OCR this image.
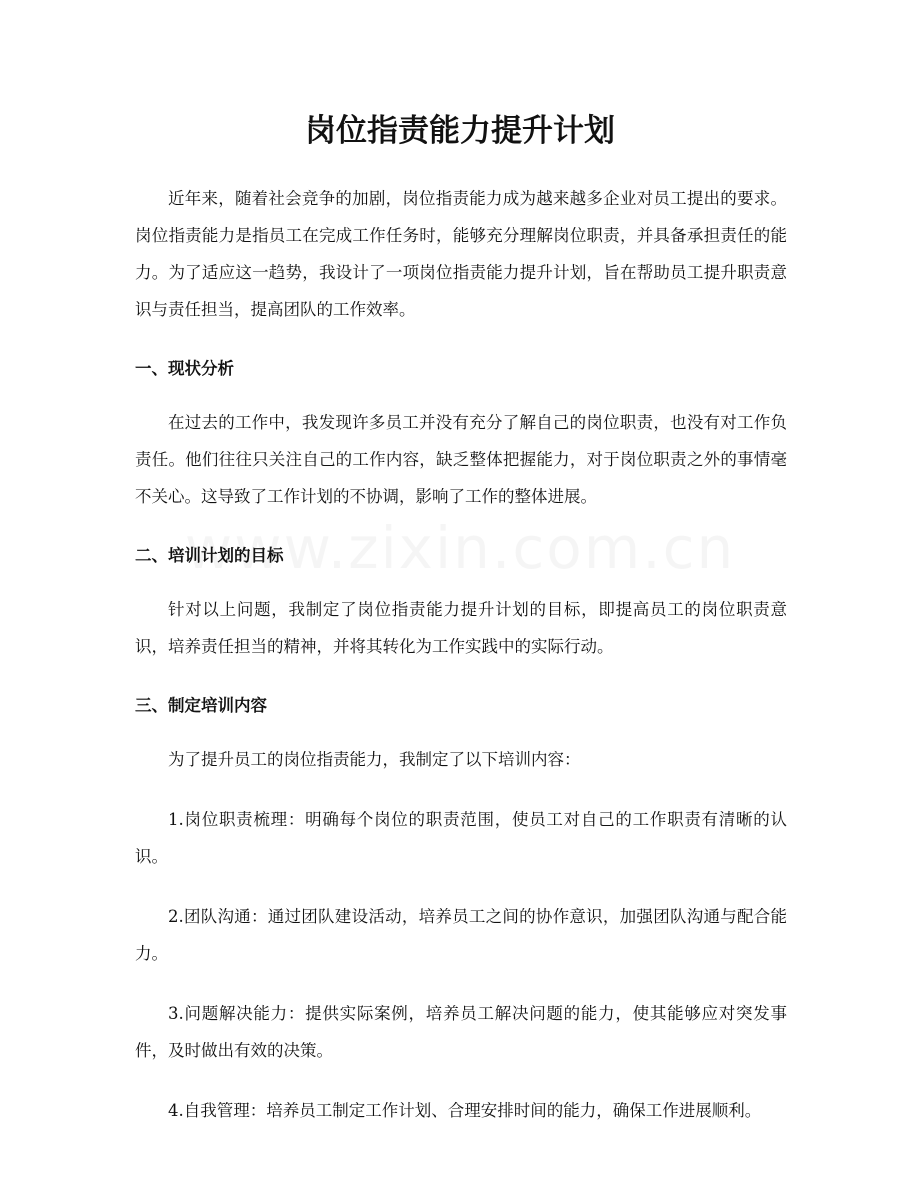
岗位指责能力提升计划

近年来，随着社会竞争的加剧，岗位指责能力成为越来越多企业对员工提出的要求。岗位指责能力是指员工在完成工作任务时，能够充分理解岗位职责，并具备承担责任的能力。为了适应这一趋势，我设计了一项岗位指责能力提升计划，旨在帮助员工提升职责意识与责任担当，提高团队的工作效率。

一、现状分析

在过去的工作中，我发现许多员工并没有充分了解自己的岗位职责，也没有对工作负责任。他们往往只关注自己的工作内容，缺乏整体把握能力，对于岗位职责之外的事情毫不关心。这导致了工作计划的不协调，影响了工作的整体进展。

二、培训计划的目标

针对以上问题，我制定了岗位指责能力提升计划的目标，即提高员工的岗位职责意识，培养责任担当的精神，并将其转化为工作实践中的实际行动。

三、制定培训内容

为了提升员工的岗位指责能力，我制定了以下培训内容：

1.岗位职责梳理：明确每个岗位的职责范围，使员工对自己的工作职责有清晰的认识。

2.团队沟通：通过团队建设活动，培养员工之间的协作意识，加强团队沟通与配合能力。

3.问题解决能力：提供实际案例，培养员工解决问题的能力，使其能够应对突发事件，及时做出有效的决策。

4.自我管理：培养员工制定工作计划、合理安排时间的能力，确保工作进展顺利。
